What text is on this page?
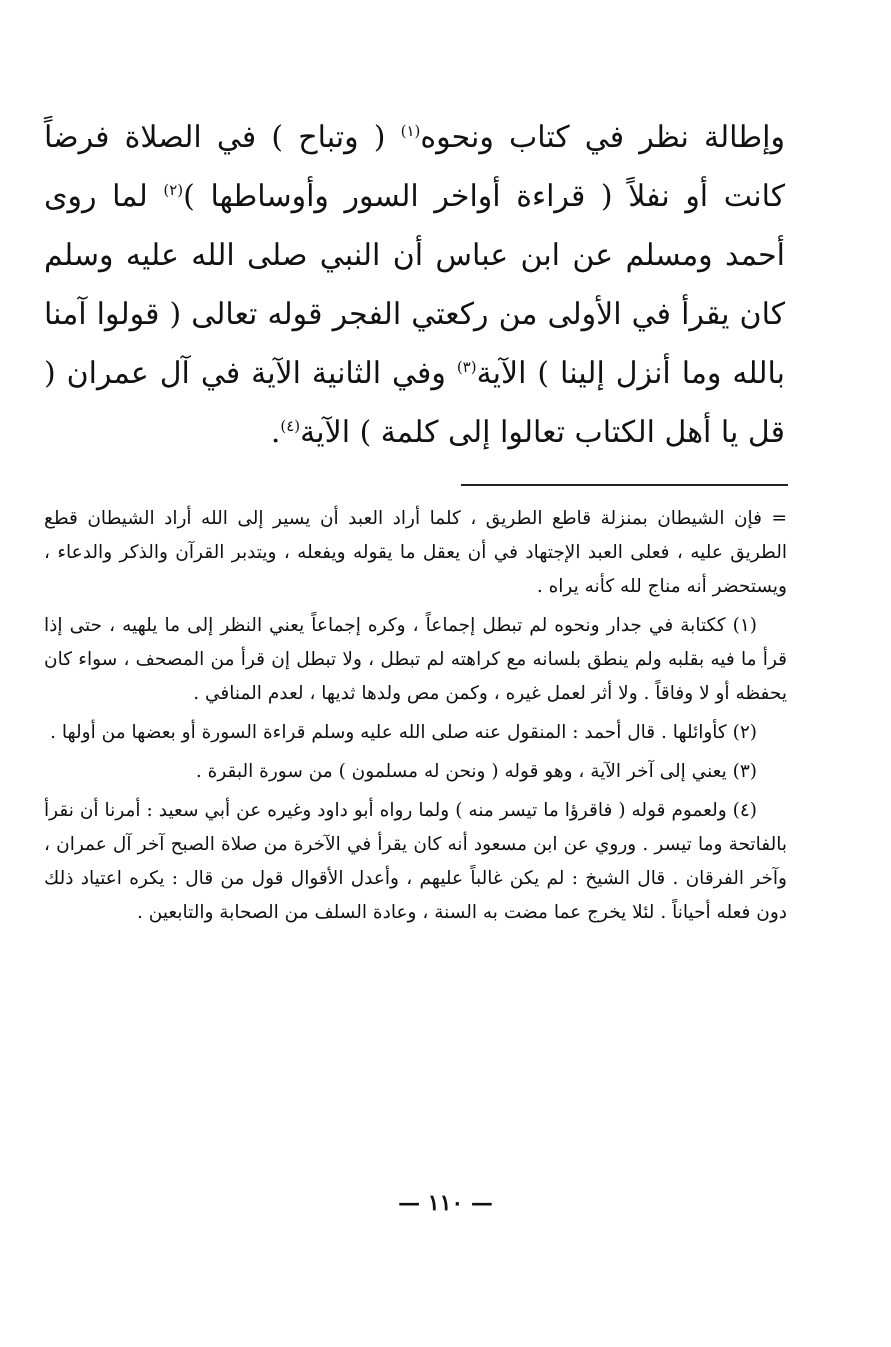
وإطالة نظر في كتاب ونحوه$^{(١)}$ ( وتباح ) في الصلاة فرضاً كانت أو نفلاً ( قراءة أواخر السور وأوساطها )$^{(٢)}$ لما روى أحمد ومسلم عن ابن عباس أن النبي صلى الله عليه وسلم كان يقرأ في الأولى من ركعتي الفجر قوله تعالى ( قولوا آمنا بالله وما أنزل إلينا ) الآية$^{(٣)}$ وفي الثانية الآية في آل عمران ( قل يا أهل الكتاب تعالوا إلى كلمة ) الآية$^{(٤)}$.

= فإن الشيطان بمنزلة قاطع الطريق ، كلما أراد العبد أن يسير إلى الله أراد الشيطان قطع الطريق عليه ، فعلى العبد الإجتهاد في أن يعقل ما يقوله ويفعله ، ويتدبر القرآن والذكر والدعاء ، ويستحضر أنه مناج لله كأنه يراه .

(١) ككتابة في جدار ونحوه لم تبطل إجماعاً ، وكره إجماعاً يعني النظر إلى ما يلهيه ، حتى إذا قرأ ما فيه بقلبه ولم ينطق بلسانه مع كراهته لم تبطل ، ولا تبطل إن قرأ من المصحف ، سواء كان يحفظه أو لا وفاقاً . ولا أثر لعمل غيره ، وكمن مص ولدها ثديها ، لعدم المنافي .

(٢) كأوائلها . قال أحمد : المنقول عنه صلى الله عليه وسلم قراءة السورة أو بعضها من أولها .

(٣) يعني إلى آخر الآية ، وهو قوله ( ونحن له مسلمون ) من سورة البقرة .

(٤) ولعموم قوله ( فاقرؤا ما تيسر منه ) ولما رواه أبو داود وغيره عن أبي سعيد : أمرنا أن نقرأ بالفاتحة وما تيسر . وروي عن ابن مسعود أنه كان يقرأ في الآخرة من صلاة الصبح آخر آل عمران ، وآخر الفرقان . قال الشيخ : لم يكن غالباً عليهم ، وأعدل الأقوال قول من قال : يكره اعتياد ذلك دون فعله أحياناً . لئلا يخرج عما مضت به السنة ، وعادة السلف من الصحابة والتابعين .

— ١١٠ —
